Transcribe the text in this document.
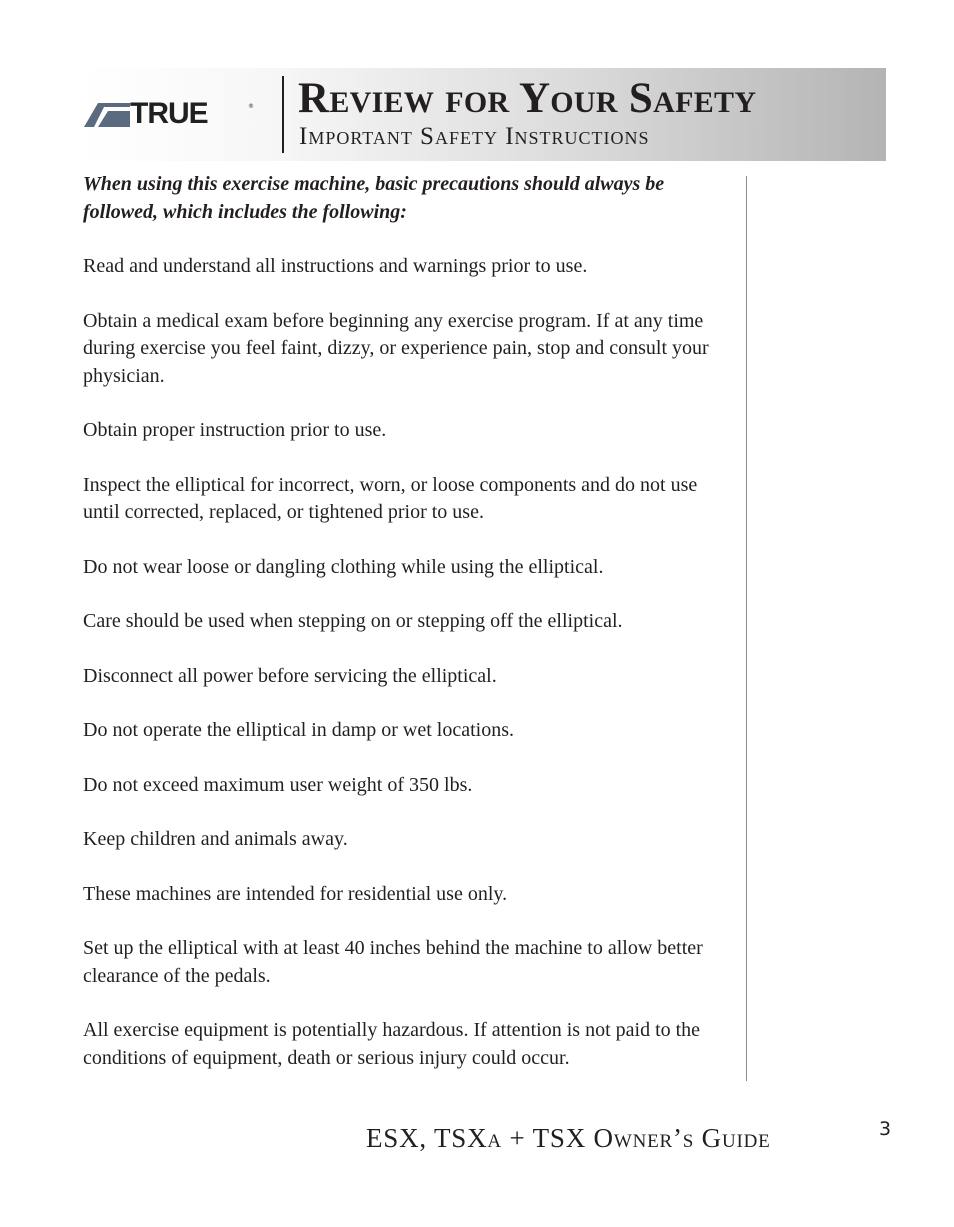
TRUE	® Review for Your Safety
Important Safety Instructions

When using this exercise machine, basic precautions should always be followed, which includes the following:

Read and understand all instructions and warnings prior to use.

Obtain a medical exam before beginning any exercise program. If at any time during exercise you feel faint, dizzy, or experience pain, stop and consult your physician.

Obtain proper instruction prior to use.

Inspect the elliptical for incorrect, worn, or loose components and do not use until corrected, replaced, or tightened prior to use.

Do not wear loose or dangling clothing while using the elliptical.

Care should be used when stepping on or stepping off the elliptical.

Disconnect all power before servicing the elliptical.

Do not operate the elliptical in damp or wet locations.

Do not exceed maximum user weight of 350 lbs.

Keep children and animals away.

These machines are intended for residential use only.

Set up the elliptical with at least 40 inches behind the machine to allow better clearance of the pedals.

All exercise equipment is potentially hazardous. If attention is not paid to the conditions of equipment, death or serious injury could occur.

ESX, TSXa + TSX Owner’s Guide	3
